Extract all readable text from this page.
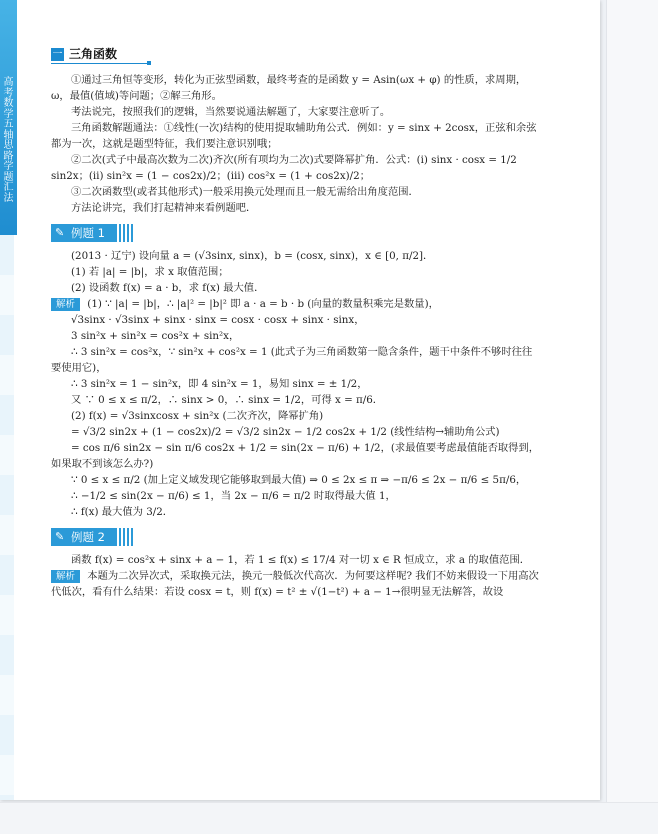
高考数学五轴思路学题汇法
一 三角函数

①通过三角恒等变形，转化为正弦型函数，最终考查的是函数 y = Asin(ωx + φ) 的性质，求周期，ω，最值(值域)等问题；②解三角形。

考法说完，按照我们的逻辑，当然要说通法解题了，大家要注意听了。

三角函数解题通法：①线性(一次)结构的使用提取辅助角公式．例如：y = sinx + 2cosx，正弦和余弦都为一次，这就是题型特征，我们要注意识别哦；

②二次(式子中最高次数为二次)齐次(所有项均为二次)式要降幂扩角．公式：(ⅰ) sinx · cosx = 1/2 sin2x；(ⅱ) sin²x = (1 − cos2x)/2；(ⅲ) cos²x = (1 + cos2x)/2；

③二次函数型(或者其他形式)一般采用换元处理而且一般无需给出角度范围．

方法论讲完，我们打起精神来看例题吧．

✎ 例题 1

(2013 · 辽宁) 设向量 a = (√3sinx, sinx)，b = (cosx, sinx)，x ∈ [0, π/2]．

(1) 若 |a| = |b|，求 x 取值范围；

(2) 设函数 f(x) = a · b，求 f(x) 最大值．

解析 (1) ∵ |a| = |b|，∴ |a|² = |b|² 即 a · a = b · b (向量的数量积乘完是数量)，

√3sinx · √3sinx + sinx · sinx = cosx · cosx + sinx · sinx，

3 sin²x + sin²x = cos²x + sin²x，

∴ 3 sin²x = cos²x，∵ sin²x + cos²x = 1 (此式子为三角函数第一隐含条件，题干中条件不够时往往要使用它)，

∴ 3 sin²x = 1 − sin²x，即 4 sin²x = 1，易知 sinx = ± 1/2，

又 ∵ 0 ≤ x ≤ π/2，∴ sinx > 0，∴ sinx = 1/2，可得 x = π/6．

(2) f(x) = √3sinxcosx + sin²x (二次齐次，降幂扩角)

= √3/2 sin2x + (1 − cos2x)/2 = √3/2 sin2x − 1/2 cos2x + 1/2 (线性结构→辅助角公式)

= cos π/6 sin2x − sin π/6 cos2x + 1/2 = sin(2x − π/6) + 1/2，(求最值要考虑最值能否取得到，如果取不到该怎么办?)

∵ 0 ≤ x ≤ π/2 (加上定义域发现它能够取到最大值) ⇒ 0 ≤ 2x ≤ π ⇒ −π/6 ≤ 2x − π/6 ≤ 5π/6，

∴ −1/2 ≤ sin(2x − π/6) ≤ 1，当 2x − π/6 = π/2 时取得最大值 1，

∴ f(x) 最大值为 3/2．

✎ 例题 2

函数 f(x) = cos²x + sinx + a − 1，若 1 ≤ f(x) ≤ 17/4 对一切 x ∈ R 恒成立，求 a 的取值范围．

解析 本题为二次异次式，采取换元法，换元一般低次代高次．为何要这样呢? 我们不妨来假设一下用高次代低次，看有什么结果：若设 cosx = t，则 f(x) = t² ± √(1−t²) + a − 1→很明显无法解答，故设
